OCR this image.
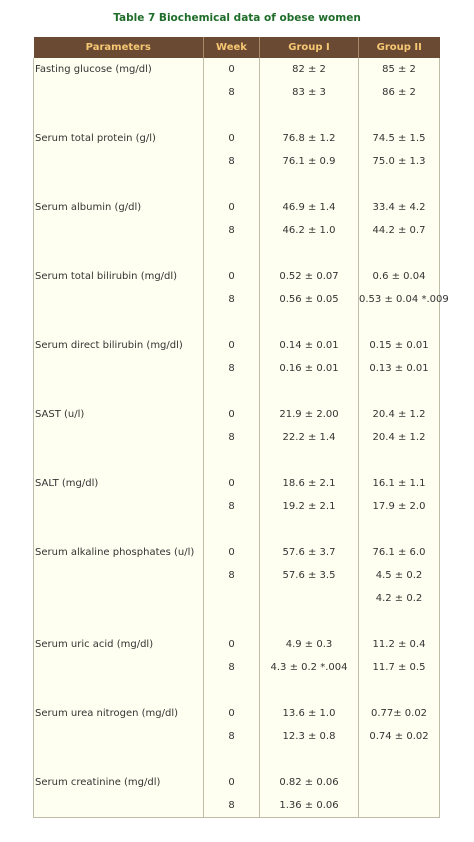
Table 7 Biochemical data of obese women
Parameters	Week	Group I	Group II
Fasting glucose (mg/dl)	0	82 ± 2	85 ± 2
	8	83 ± 3	86 ± 2

Serum total protein (g/l)	0	76.8 ± 1.2	74.5 ± 1.5
	8	76.1 ± 0.9	75.0 ± 1.3

Serum albumin (g/dl)	0	46.9 ± 1.4	33.4 ± 4.2
	8	46.2 ± 1.0	44.2 ± 0.7

Serum total bilirubin (mg/dl)	0	0.52 ± 0.07	0.6 ± 0.04
	8	0.56 ± 0.05	0.53 ± 0.04 *.009

Serum direct bilirubin (mg/dl)	0	0.14 ± 0.01	0.15 ± 0.01
	8	0.16 ± 0.01	0.13 ± 0.01

SAST (u/l)	0	21.9 ± 2.00	20.4 ± 1.2
	8	22.2 ± 1.4	20.4 ± 1.2

SALT (mg/dl)	0	18.6 ± 2.1	16.1 ± 1.1
	8	19.2 ± 2.1	17.9 ± 2.0

Serum alkaline phosphates (u/l)	0	57.6 ± 3.7	76.1 ± 6.0
	8	57.6 ± 3.5	4.5 ± 0.2
			4.2 ± 0.2

Serum uric acid (mg/dl)	0	4.9 ± 0.3	11.2 ± 0.4
	8	4.3 ± 0.2 *.004	11.7 ± 0.5

Serum urea nitrogen (mg/dl)	0	13.6 ± 1.0	0.77± 0.02
	8	12.3 ± 0.8	0.74 ± 0.02

Serum creatinine (mg/dl)	0	0.82 ± 0.06	
	8	1.36 ± 0.06	
